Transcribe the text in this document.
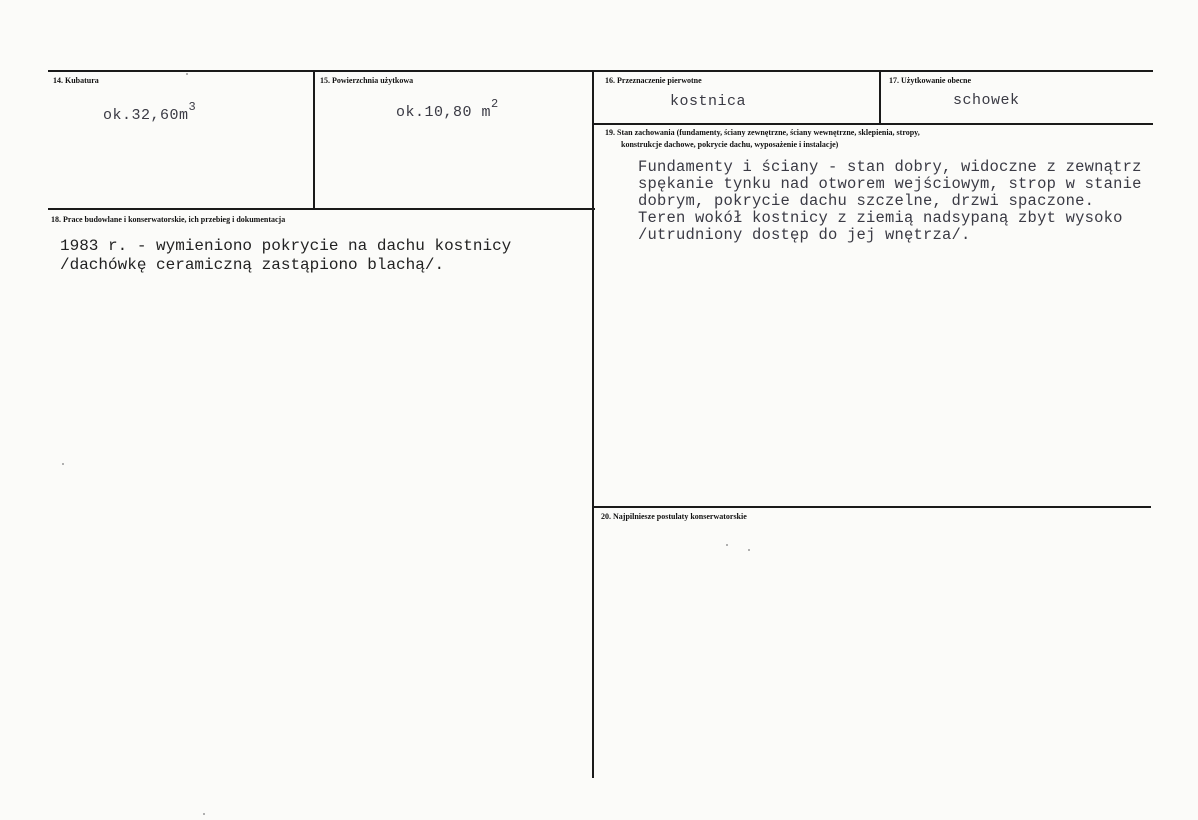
14. Kubatura
$ok.32,60m^3$
15. Powierzchnia użytkowa
ok.10,80 $m^2$
16. Przeznaczenie pierwotne
kostnica
17. Użytkowanie obecne
schowek
19. Stan zachowania (fundamenty, ściany zewnętrzne, ściany wewnętrzne, sklepienia, stropy,
konstrukcje dachowe, pokrycie dachu, wyposażenie i instalacje)
Fundamenty i ściany - stan dobry, widoczne z zewnątrz
spękanie tynku nad otworem wejściowym, strop w stanie
dobrym, pokrycie dachu szczelne, drzwi spaczone.
Teren wokół kostnicy z ziemią nadsypaną zbyt wysoko
/utrudniony dostęp do jej wnętrza/.
18. Prace budowlane i konserwatorskie, ich przebieg i dokumentacja
1983 r. - wymieniono pokrycie na dachu kostnicy
/dachówkę ceramiczną zastąpiono blachą/.
20. Najpilniesze postulaty konserwatorskie
